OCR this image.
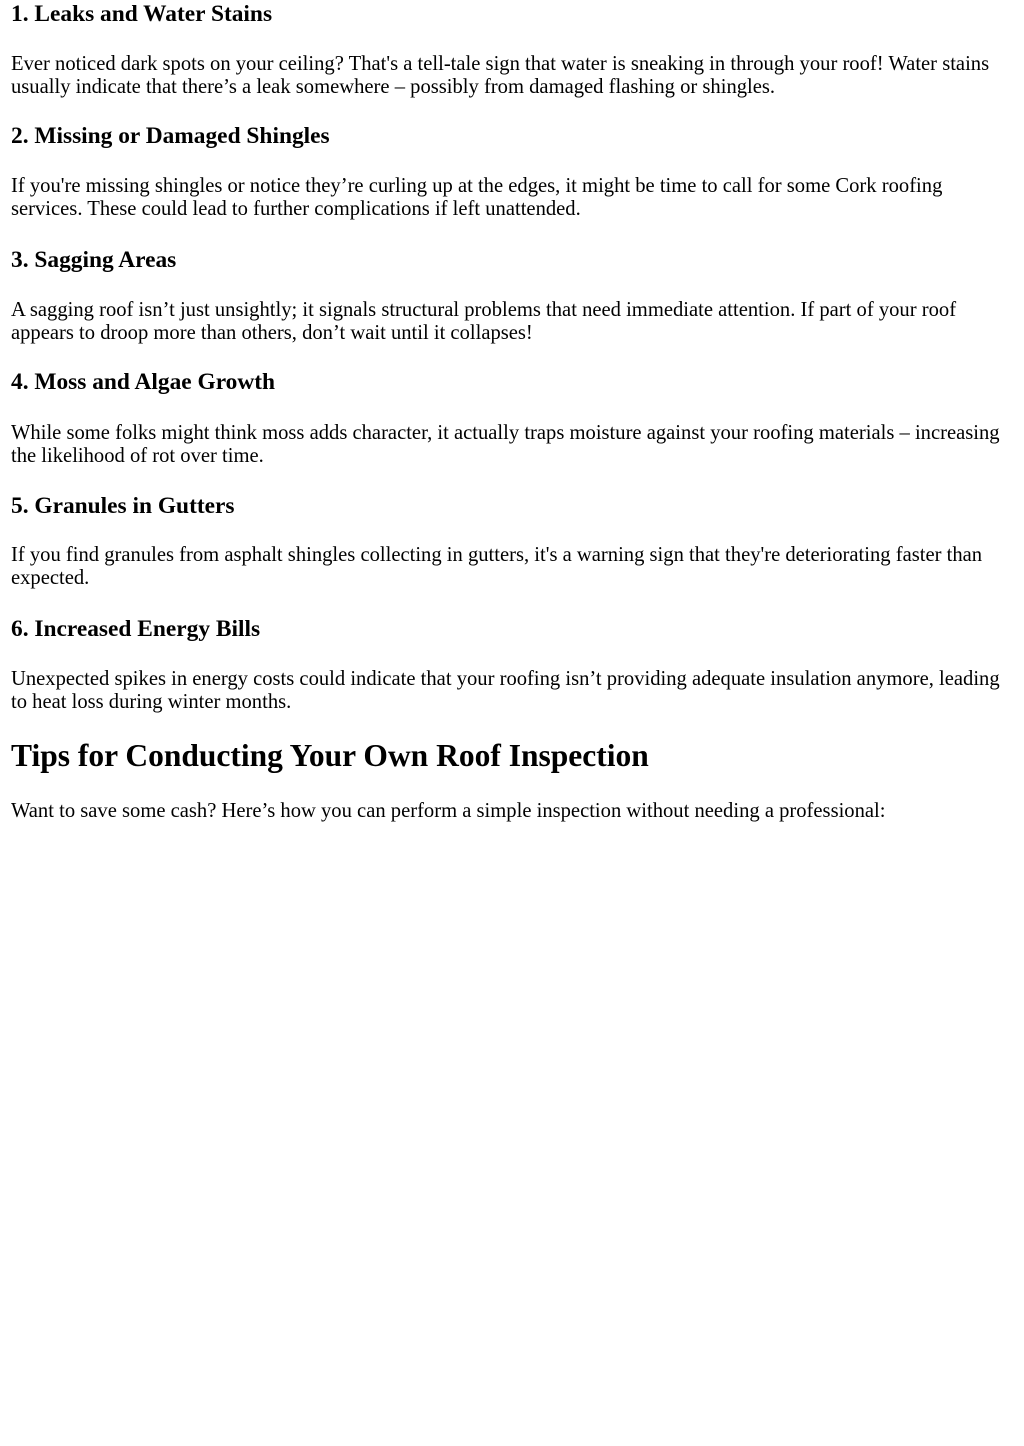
1. Leaks and Water Stains

Ever noticed dark spots on your ceiling? That's a tell-tale sign that water is sneaking in through your roof! Water stains usually indicate that there’s a leak somewhere – possibly from damaged flashing or shingles.

2. Missing or Damaged Shingles

If you're missing shingles or notice they’re curling up at the edges, it might be time to call for some Cork roofing services. These could lead to further complications if left unattended.

3. Sagging Areas

A sagging roof isn’t just unsightly; it signals structural problems that need immediate attention. If part of your roof appears to droop more than others, don’t wait until it collapses!

4. Moss and Algae Growth

While some folks might think moss adds character, it actually traps moisture against your roofing materials – increasing the likelihood of rot over time.

5. Granules in Gutters

If you find granules from asphalt shingles collecting in gutters, it's a warning sign that they're deteriorating faster than expected.

6. Increased Energy Bills

Unexpected spikes in energy costs could indicate that your roofing isn’t providing adequate insulation anymore, leading to heat loss during winter months.

Tips for Conducting Your Own Roof Inspection

Want to save some cash? Here’s how you can perform a simple inspection without needing a professional:
